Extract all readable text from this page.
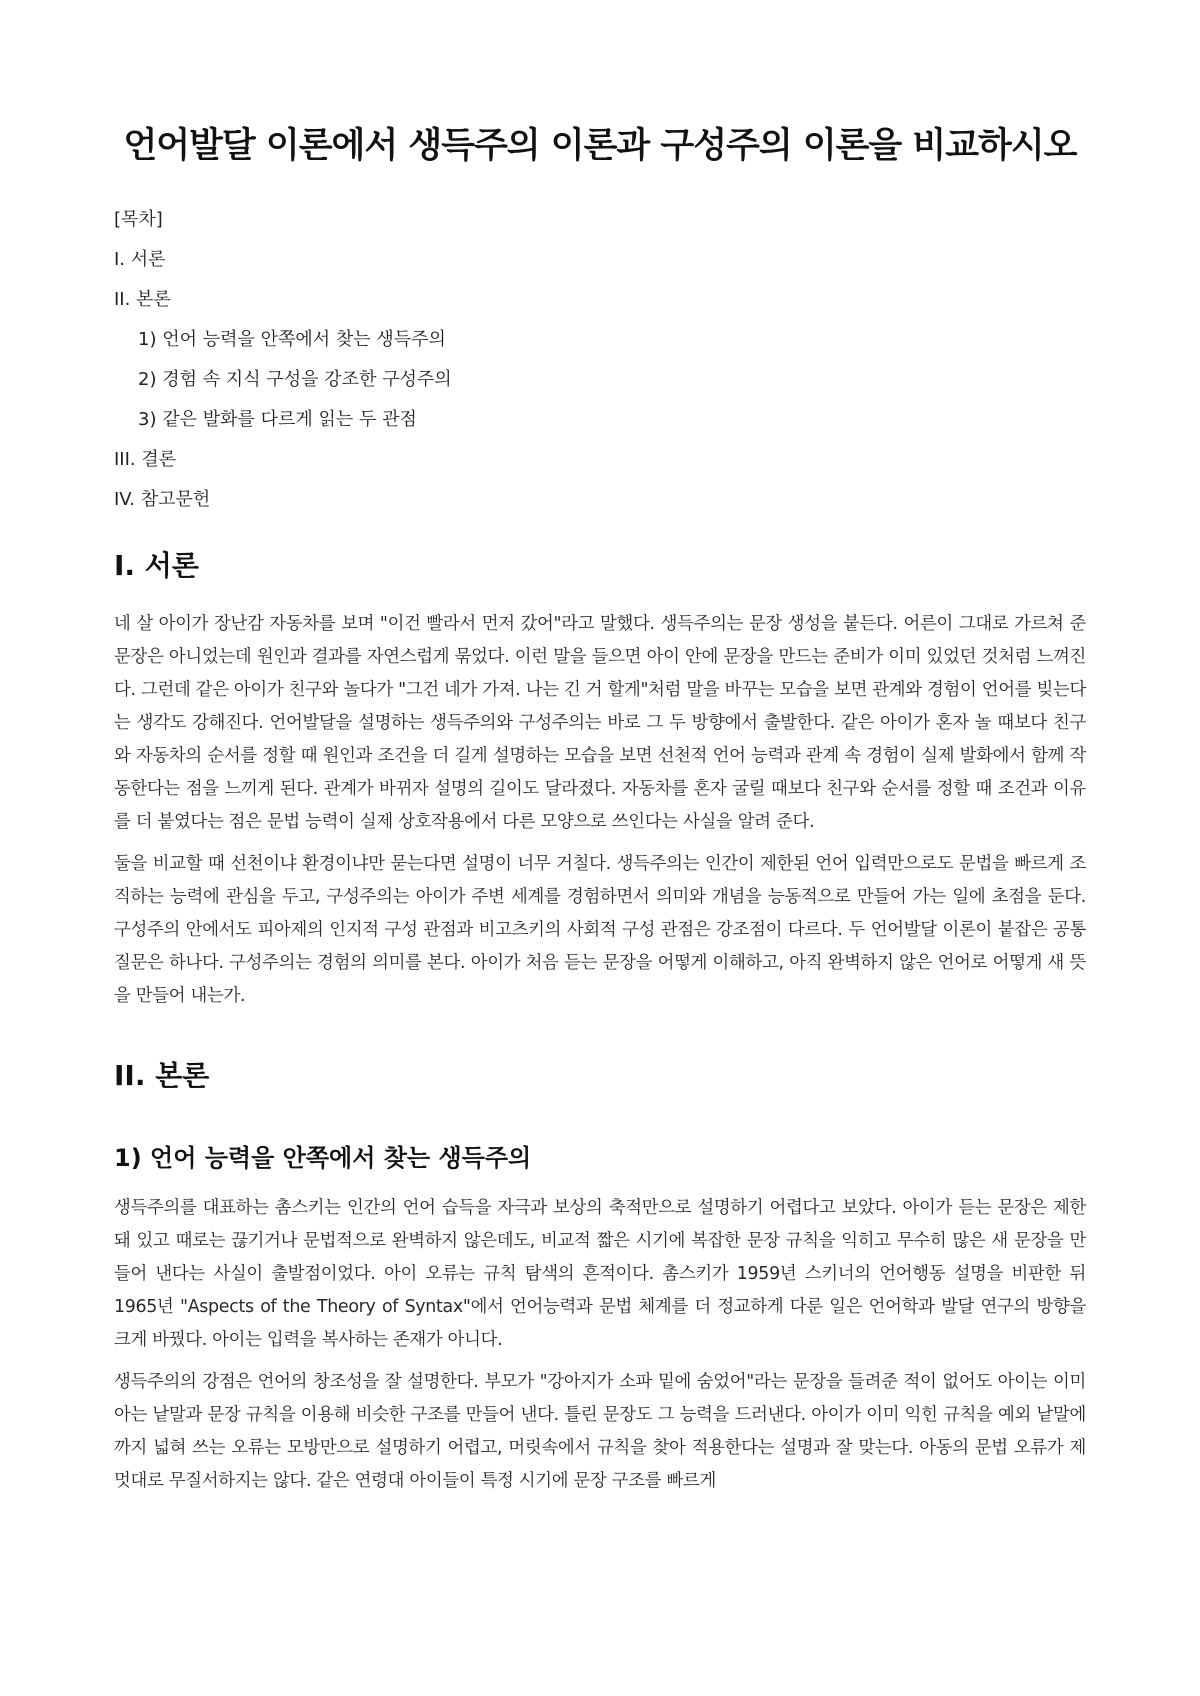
언어발달 이론에서 생득주의 이론과 구성주의 이론을 비교하시오
[목차]
I. 서론
II. 본론
1) 언어 능력을 안쪽에서 찾는 생득주의
2) 경험 속 지식 구성을 강조한 구성주의
3) 같은 발화를 다르게 읽는 두 관점
III. 결론
IV. 참고문헌
I. 서론

네 살 아이가 장난감 자동차를 보며 "이건 빨라서 먼저 갔어"라고 말했다. 생득주의는 문장 생성을 붙든다. 어른이 그대로 가르쳐 준 문장은 아니었는데 원인과 결과를 자연스럽게 묶었다. 이런 말을 들으면 아이 안에 문장을 만드는 준비가 이미 있었던 것처럼 느껴진다. 그런데 같은 아이가 친구와 놀다가 "그건 네가 가져. 나는 긴 거 할게"처럼 말을 바꾸는 모습을 보면 관계와 경험이 언어를 빚는다는 생각도 강해진다. 언어발달을 설명하는 생득주의와 구성주의는 바로 그 두 방향에서 출발한다. 같은 아이가 혼자 놀 때보다 친구와 자동차의 순서를 정할 때 원인과 조건을 더 길게 설명하는 모습을 보면 선천적 언어 능력과 관계 속 경험이 실제 발화에서 함께 작동한다는 점을 느끼게 된다. 관계가 바뀌자 설명의 길이도 달라졌다. 자동차를 혼자 굴릴 때보다 친구와 순서를 정할 때 조건과 이유를 더 붙였다는 점은 문법 능력이 실제 상호작용에서 다른 모양으로 쓰인다는 사실을 알려 준다.

둘을 비교할 때 선천이냐 환경이냐만 묻는다면 설명이 너무 거칠다. 생득주의는 인간이 제한된 언어 입력만으로도 문법을 빠르게 조직하는 능력에 관심을 두고, 구성주의는 아이가 주변 세계를 경험하면서 의미와 개념을 능동적으로 만들어 가는 일에 초점을 둔다. 구성주의 안에서도 피아제의 인지적 구성 관점과 비고츠키의 사회적 구성 관점은 강조점이 다르다. 두 언어발달 이론이 붙잡은 공통 질문은 하나다. 구성주의는 경험의 의미를 본다. 아이가 처음 듣는 문장을 어떻게 이해하고, 아직 완벽하지 않은 언어로 어떻게 새 뜻을 만들어 내는가.

II. 본론
1) 언어 능력을 안쪽에서 찾는 생득주의

생득주의를 대표하는 촘스키는 인간의 언어 습득을 자극과 보상의 축적만으로 설명하기 어렵다고 보았다. 아이가 듣는 문장은 제한돼 있고 때로는 끊기거나 문법적으로 완벽하지 않은데도, 비교적 짧은 시기에 복잡한 문장 규칙을 익히고 무수히 많은 새 문장을 만들어 낸다는 사실이 출발점이었다. 아이 오류는 규칙 탐색의 흔적이다. 촘스키가 1959년 스키너의 언어행동 설명을 비판한 뒤 1965년 "Aspects of the Theory of Syntax"에서 언어능력과 문법 체계를 더 정교하게 다룬 일은 언어학과 발달 연구의 방향을 크게 바꿨다. 아이는 입력을 복사하는 존재가 아니다.

생득주의의 강점은 언어의 창조성을 잘 설명한다. 부모가 "강아지가 소파 밑에 숨었어"라는 문장을 들려준 적이 없어도 아이는 이미 아는 낱말과 문장 규칙을 이용해 비슷한 구조를 만들어 낸다. 틀린 문장도 그 능력을 드러낸다. 아이가 이미 익힌 규칙을 예외 낱말에까지 넓혀 쓰는 오류는 모방만으로 설명하기 어렵고, 머릿속에서 규칙을 찾아 적용한다는 설명과 잘 맞는다. 아동의 문법 오류가 제멋대로 무질서하지는 않다. 같은 연령대 아이들이 특정 시기에 문장 구조를 빠르게
